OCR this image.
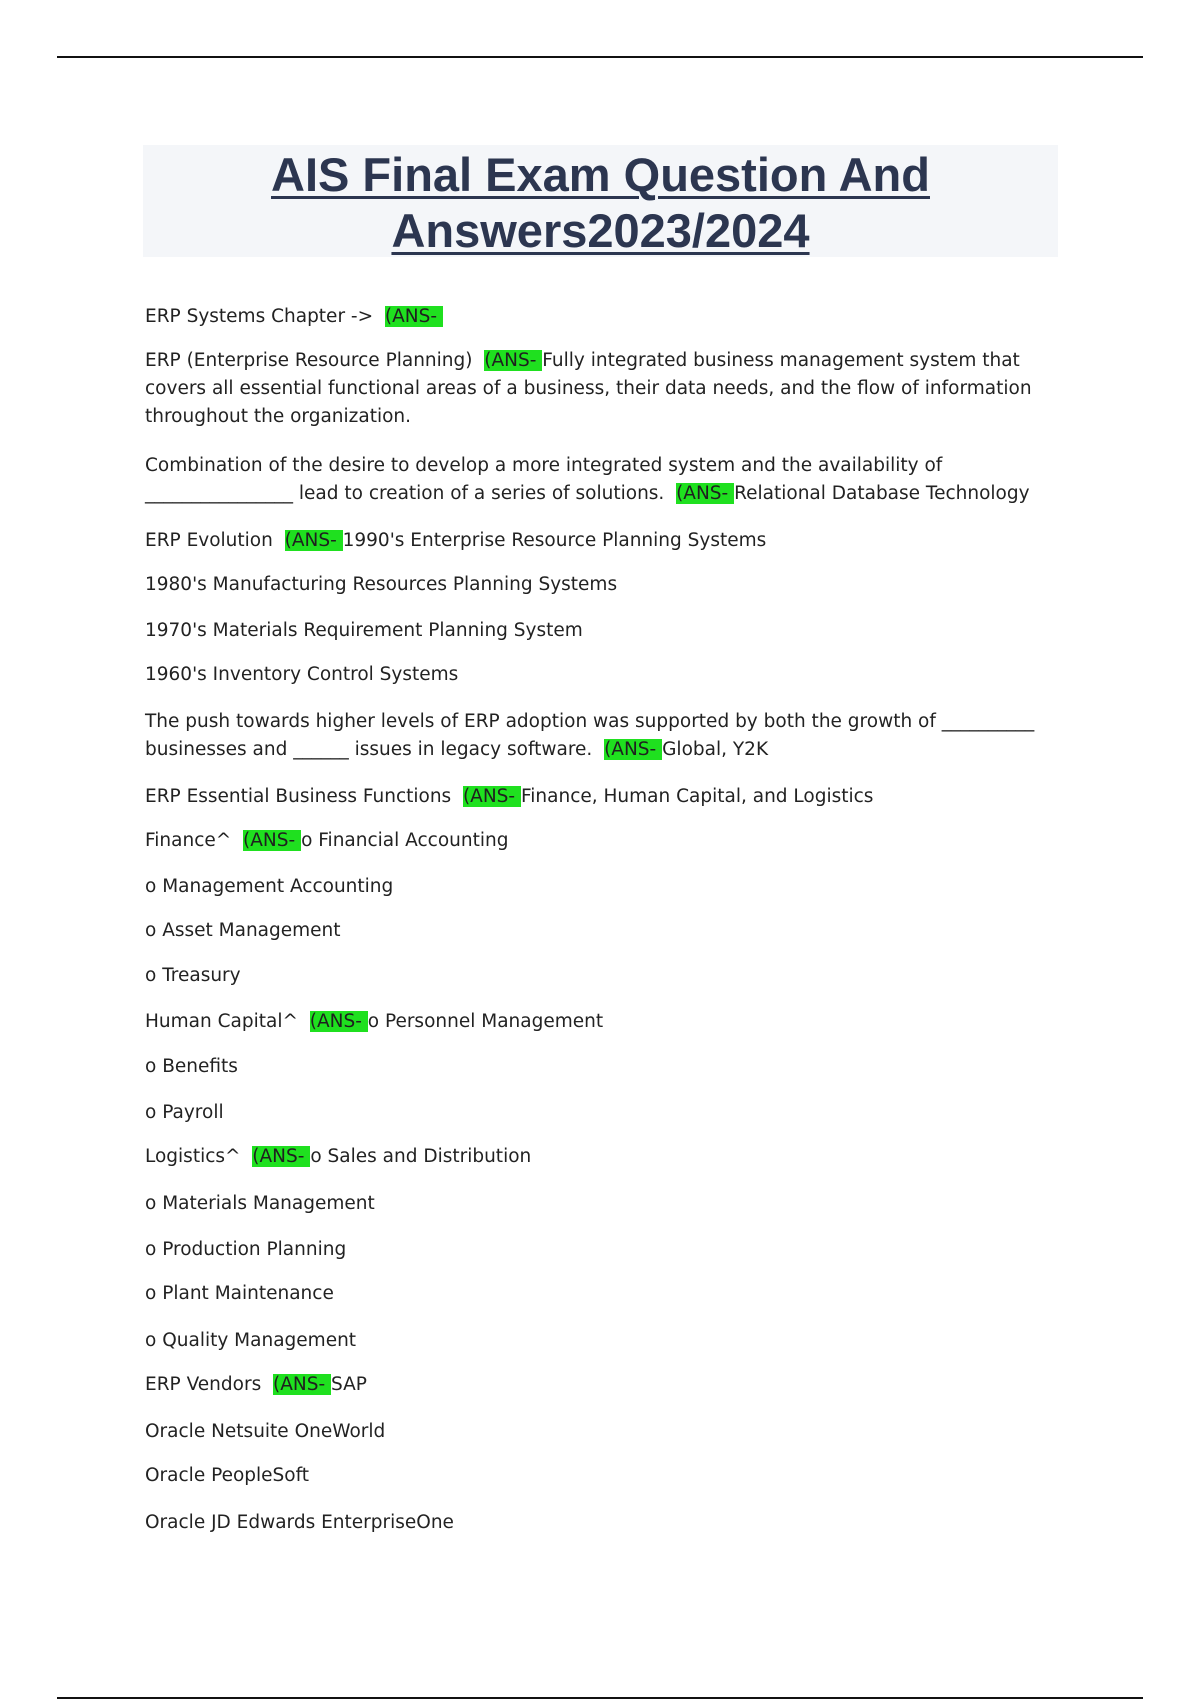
AIS Final Exam Question And
Answers2023/2024

ERP Systems Chapter ->  (ANS-

ERP (Enterprise Resource Planning)  (ANS- Fully integrated business management system that covers all essential functional areas of a business, their data needs, and the flow of information throughout the organization.

Combination of the desire to develop a more integrated system and the availability of ________________ lead to creation of a series of solutions.  (ANS- Relational Database Technology

ERP Evolution  (ANS- 1990's Enterprise Resource Planning Systems

1980's Manufacturing Resources Planning Systems

1970's Materials Requirement Planning System

1960's Inventory Control Systems

The push towards higher levels of ERP adoption was supported by both the growth of __________ businesses and ______ issues in legacy software.  (ANS- Global, Y2K

ERP Essential Business Functions  (ANS- Finance, Human Capital, and Logistics

Finance^  (ANS- o Financial Accounting

o Management Accounting

o Asset Management

o Treasury

Human Capital^  (ANS- o Personnel Management

o Benefits

o Payroll

Logistics^  (ANS- o Sales and Distribution

o Materials Management

o Production Planning

o Plant Maintenance

o Quality Management

ERP Vendors  (ANS- SAP

Oracle Netsuite OneWorld

Oracle PeopleSoft

Oracle JD Edwards EnterpriseOne
